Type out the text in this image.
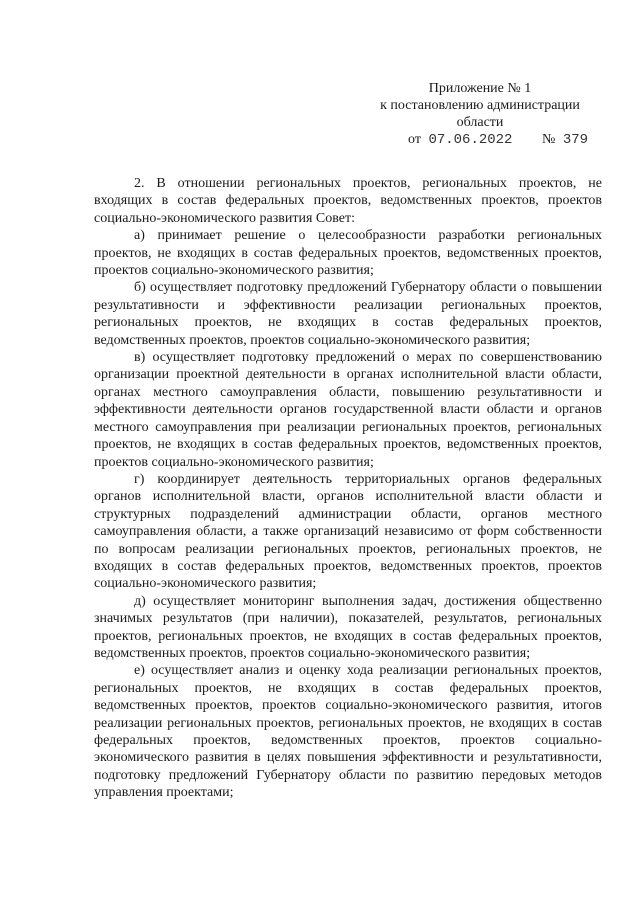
Приложение № 1
к постановлению администрации
области
от 07.06.2022 № 379

2. В отношении региональных проектов, региональных проектов, не входящих в состав федеральных проектов, ведомственных проектов, проектов социально-экономического развития Совет:

а) принимает решение о целесообразности разработки региональных проектов, не входящих в состав федеральных проектов, ведомственных проектов, проектов социально-экономического развития;

б) осуществляет подготовку предложений Губернатору области о повышении результативности и эффективности реализации региональных проектов, региональных проектов, не входящих в состав федеральных проектов, ведомственных проектов, проектов социально-экономического развития;

в) осуществляет подготовку предложений о мерах по совершенствованию организации проектной деятельности в органах исполнительной власти области, органах местного самоуправления области, повышению результативности и эффективности деятельности органов государственной власти области и органов местного самоуправления при реализации региональных проектов, региональных проектов, не входящих в состав федеральных проектов, ведомственных проектов, проектов социально-экономического развития;

г) координирует деятельность территориальных органов федеральных органов исполнительной власти, органов исполнительной власти области и структурных подразделений администрации области, органов местного самоуправления области, а также организаций независимо от форм собственности по вопросам реализации региональных проектов, региональных проектов, не входящих в состав федеральных проектов, ведомственных проектов, проектов социально-экономического развития;

д) осуществляет мониторинг выполнения задач, достижения общественно значимых результатов (при наличии), показателей, результатов, региональных проектов, региональных проектов, не входящих в состав федеральных проектов, ведомственных проектов, проектов социально-экономического развития;

е) осуществляет анализ и оценку хода реализации региональных проектов, региональных проектов, не входящих в состав федеральных проектов, ведомственных проектов, проектов социально-экономического развития, итогов реализации региональных проектов, региональных проектов, не входящих в состав федеральных проектов, ведомственных проектов, проектов социально-экономического развития в целях повышения эффективности и результативности, подготовку предложений Губернатору области по развитию передовых методов управления проектами;
